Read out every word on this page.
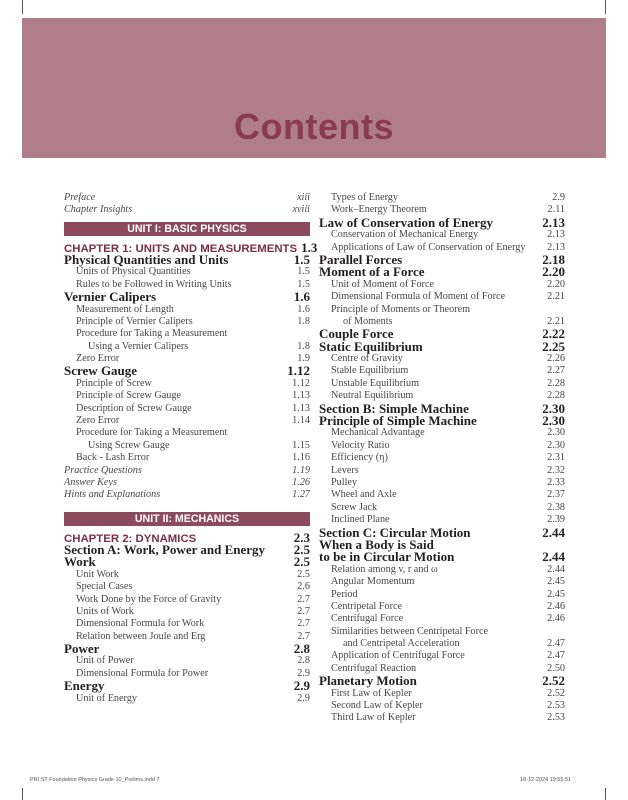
Contents
Preface	xiii
Chapter Insights	xviii
UNIT I: BASIC PHYSICS
CHAPTER 1: UNITS AND MEASUREMENTS 1.3
Physical Quantities and Units	1.5
Units of Physical Quantities	1.5
Rules to be Followed in Writing Units	1.5
Vernier Calipers	1.6
Measurement of Length	1.6
Principle of Vernier Calipers	1.8
Procedure for Taking a Measurement
Using a Vernier Calipers	1.8
Zero Error	1.9
Screw Gauge	1.12
Principle of Screw	1.12
Principle of Screw Gauge	1.13
Description of Screw Gauge	1.13
Zero Error	1.14
Procedure for Taking a Measurement
Using Screw Gauge	1.15
Back - Lash Error	1.16
Practice Questions	1.19
Answer Keys	1.26
Hints and Explanations	1.27
UNIT II: MECHANICS
CHAPTER 2: DYNAMICS	2.3
Section A: Work, Power and Energy	2.5
Work	2.5
Unit Work	2.5
Special Cases	2.6
Work Done by the Force of Gravity	2.7
Units of Work	2.7
Dimensional Formula for Work	2.7
Relation between Joule and Erg	2.7
Power	2.8
Unit of Power	2.8
Dimensional Formula for Power	2.9
Energy	2.9
Unit of Energy	2.9
Types of Energy	2.9
Work–Energy Theorem	2.11
Law of Conservation of Energy	2.13
Conservation of Mechanical Energy	2.13
Applications of Law of Conservation of Energy	2.13
Parallel Forces	2.18
Moment of a Force	2.20
Unit of Moment of Force	2.20
Dimensional Formula of Moment of Force	2.21
Principle of Moments or Theorem
of Moments	2.21
Couple Force	2.22
Static Equilibrium	2.25
Centre of Gravity	2.26
Stable Equilibrium	2.27
Unstable Equilibrium	2.28
Neutral Equilibrium	2.28
Section B: Simple Machine	2.30
Principle of Simple Machine	2.30
Mechanical Advantage	2.30
Velocity Ratio	2.30
Efficiency (η)	2.31
Levers	2.32
Pulley	2.33
Wheel and Axle	2.37
Screw Jack	2.38
Inclined Plane	2.39
Section C: Circular Motion	2.44
When a Body is Said
to be in Circular Motion	2.44
Relation among v, r and ω	2.44
Angular Momentum	2.45
Period	2.45
Centripetal Force	2.46
Centrifugal Force	2.46
Similarities between Centripetal Force
and Centripetal Acceleration	2.47
Application of Centrifugal Force	2.47
Centrifugal Reaction	2.50
Planetary Motion	2.52
First Law of Kepler	2.52
Second Law of Kepler	2.53
Third Law of Kepler	2.53
PRI ST Foundation Physics Grade 10_Prelims.indd 7	18-12-2024 19:55:51
